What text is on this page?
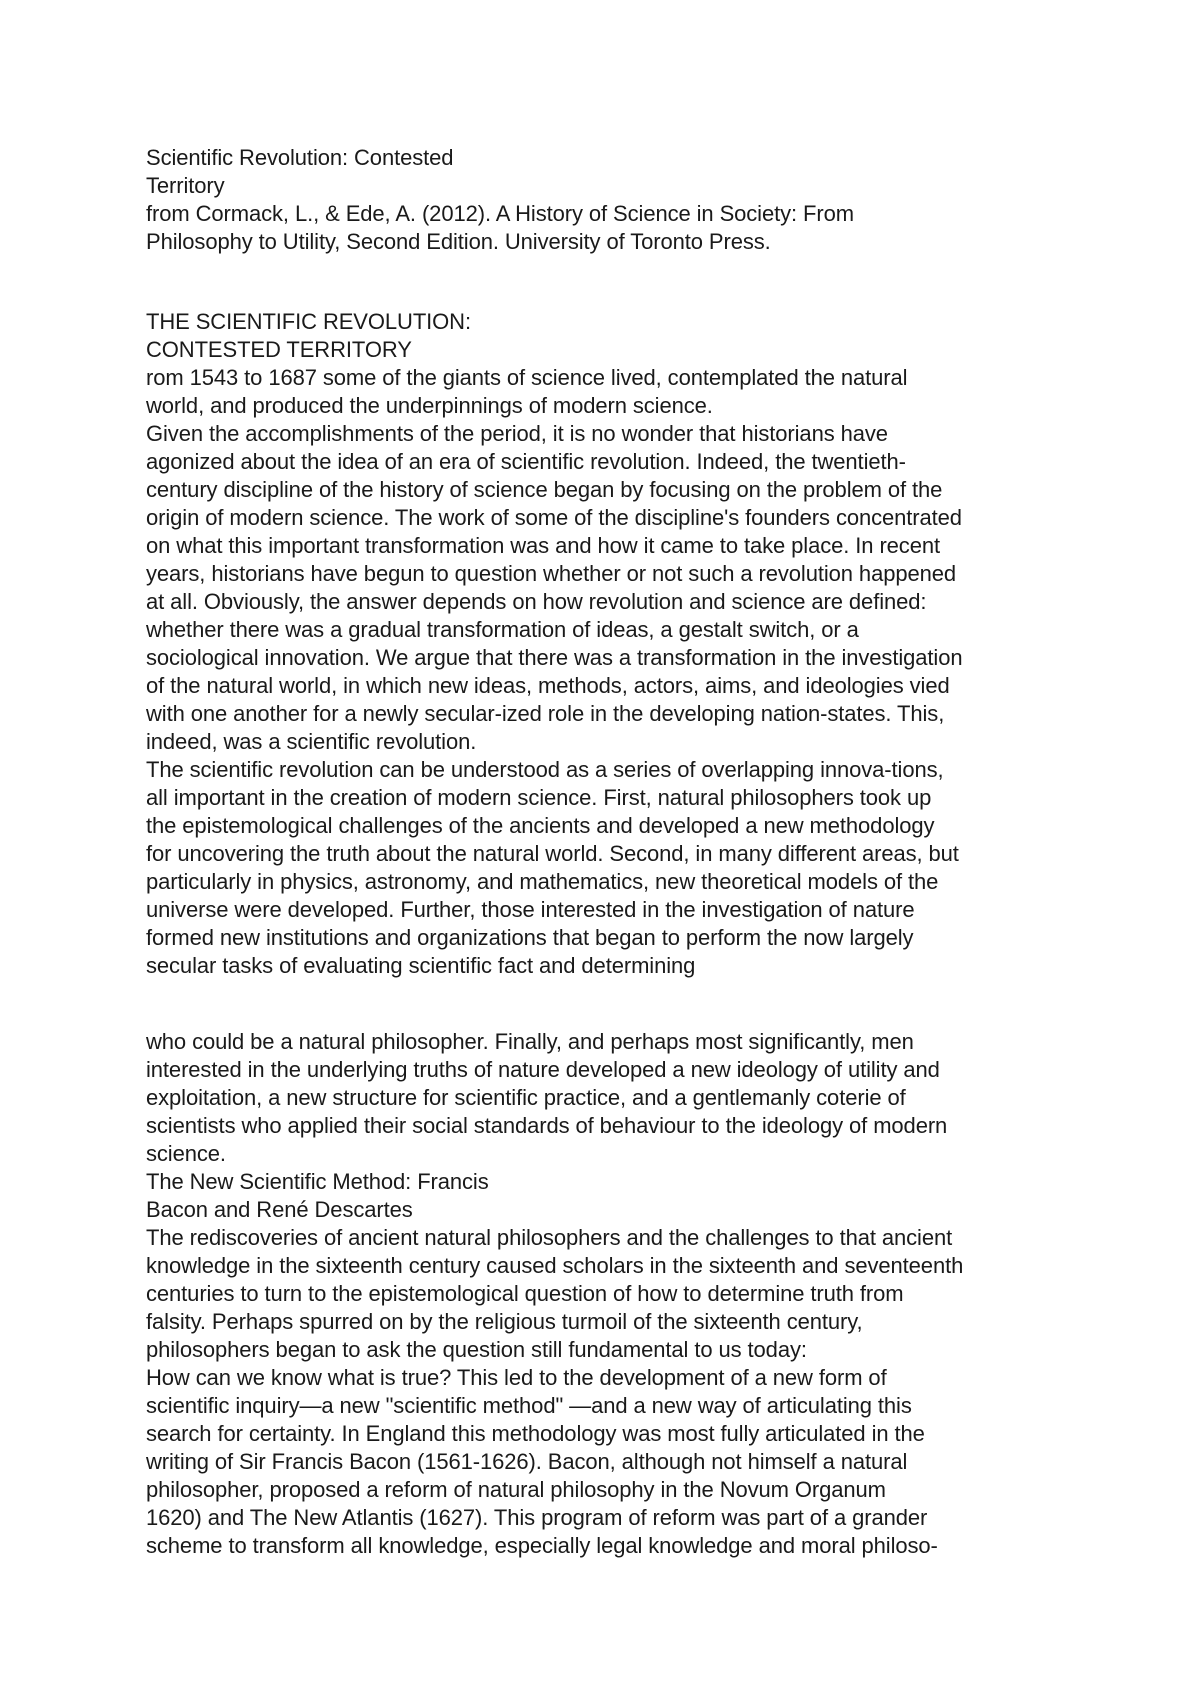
Scientific Revolution: Contested
Territory
from Cormack, L., & Ede, A. (2012). A History of Science in Society: From
Philosophy to Utility, Second Edition. University of Toronto Press.
THE SCIENTIFIC REVOLUTION:
CONTESTED TERRITORY
rom 1543 to 1687 some of the giants of science lived, contemplated the natural
world, and produced the underpinnings of modern science.
Given the accomplishments of the period, it is no wonder that historians have
agonized about the idea of an era of scientific revolution. Indeed, the twentieth-
century discipline of the history of science began by focusing on the problem of the
origin of modern science. The work of some of the discipline's founders concentrated
on what this important transformation was and how it came to take place. In recent
years, historians have begun to question whether or not such a revolution happened
at all. Obviously, the answer depends on how revolution and science are defined:
whether there was a gradual transformation of ideas, a gestalt switch, or a
sociological innovation. We argue that there was a transformation in the investigation
of the natural world, in which new ideas, methods, actors, aims, and ideologies vied
with one another for a newly secular-ized role in the developing nation-states. This,
indeed, was a scientific revolution.
The scientific revolution can be understood as a series of overlapping innova-tions,
all important in the creation of modern science. First, natural philosophers took up
the epistemological challenges of the ancients and developed a new methodology
for uncovering the truth about the natural world. Second, in many different areas, but
particularly in physics, astronomy, and mathematics, new theoretical models of the
universe were developed. Further, those interested in the investigation of nature
formed new institutions and organizations that began to perform the now largely
secular tasks of evaluating scientific fact and determining
who could be a natural philosopher. Finally, and perhaps most significantly, men
interested in the underlying truths of nature developed a new ideology of utility and
exploitation, a new structure for scientific practice, and a gentlemanly coterie of
scientists who applied their social standards of behaviour to the ideology of modern
science.
The New Scientific Method: Francis
Bacon and René Descartes
The rediscoveries of ancient natural philosophers and the challenges to that ancient
knowledge in the sixteenth century caused scholars in the sixteenth and seventeenth
centuries to turn to the epistemological question of how to determine truth from
falsity. Perhaps spurred on by the religious turmoil of the sixteenth century,
philosophers began to ask the question still fundamental to us today:
How can we know what is true? This led to the development of a new form of
scientific inquiry—a new "scientific method" —and a new way of articulating this
search for certainty. In England this methodology was most fully articulated in the
writing of Sir Francis Bacon (1561-1626). Bacon, although not himself a natural
philosopher, proposed a reform of natural philosophy in the Novum Organum
1620) and The New Atlantis (1627). This program of reform was part of a grander
scheme to transform all knowledge, especially legal knowledge and moral philoso-
